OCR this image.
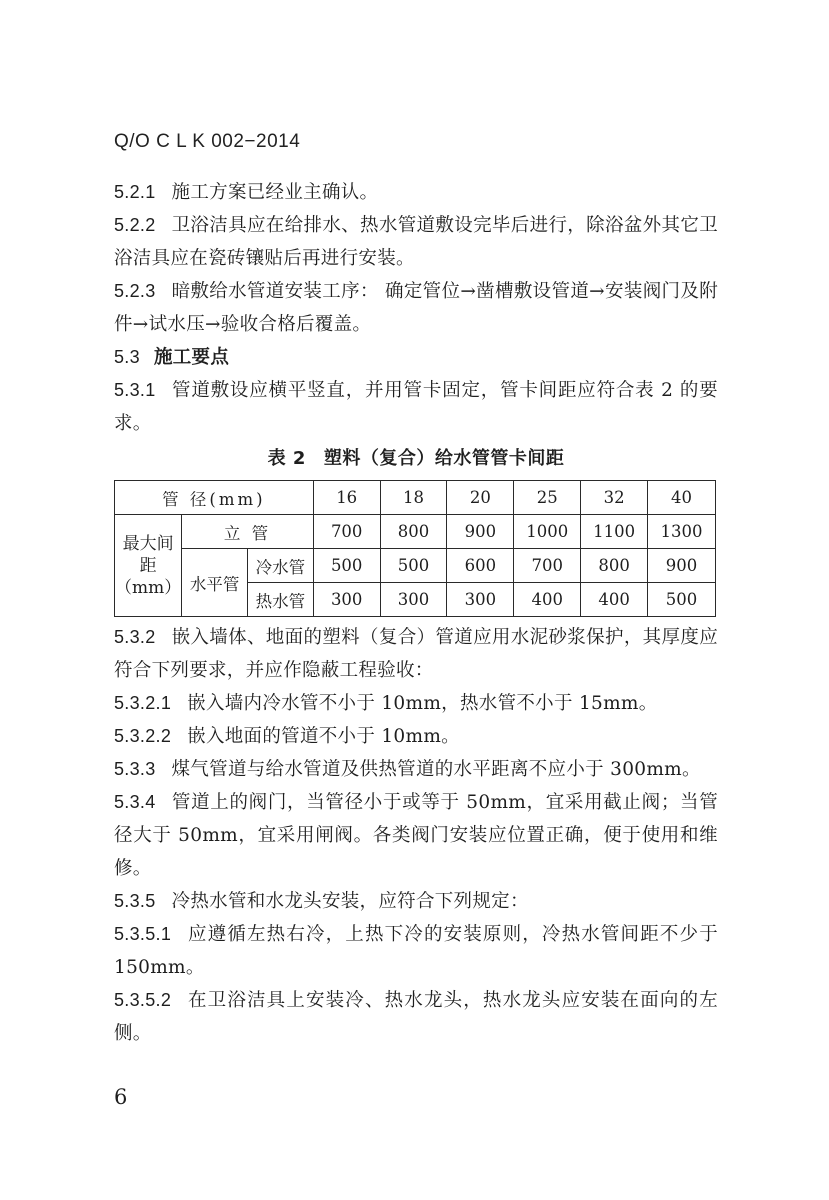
Q/O C L K 002−2014

5.2.1 施工方案已经业主确认。

5.2.2 卫浴洁具应在给排水、热水管道敷设完毕后进行，除浴盆外其它卫浴洁具应在瓷砖镶贴后再进行安装。

5.2.3 暗敷给水管道安装工序： 确定管位→凿槽敷设管道→安装阀门及附件→试水压→验收合格后覆盖。

5.3 施工要点

5.3.1 管道敷设应横平竖直，并用管卡固定，管卡间距应符合表 2 的要求。

表 2 塑料（复合）给水管管卡间距
管 径(mm)			16	18	20	25	32	40
最大间距（mm）	立 管		700	800	900	1000	1100	1300
	水平管	冷水管	500	500	600	700	800	900
		热水管	300	300	300	400	400	500

5.3.2 嵌入墙体、地面的塑料（复合）管道应用水泥砂浆保护，其厚度应符合下列要求，并应作隐蔽工程验收：

5.3.2.1 嵌入墙内冷水管不小于 10mm，热水管不小于 15mm。

5.3.2.2 嵌入地面的管道不小于 10mm。

5.3.3 煤气管道与给水管道及供热管道的水平距离不应小于 300mm。

5.3.4 管道上的阀门，当管径小于或等于 50mm，宜采用截止阀；当管径大于 50mm，宜采用闸阀。各类阀门安装应位置正确，便于使用和维修。

5.3.5 冷热水管和水龙头安装，应符合下列规定：

5.3.5.1 应遵循左热右冷，上热下冷的安装原则，冷热水管间距不少于 150mm。

5.3.5.2 在卫浴洁具上安装冷、热水龙头，热水龙头应安装在面向的左侧。

6
